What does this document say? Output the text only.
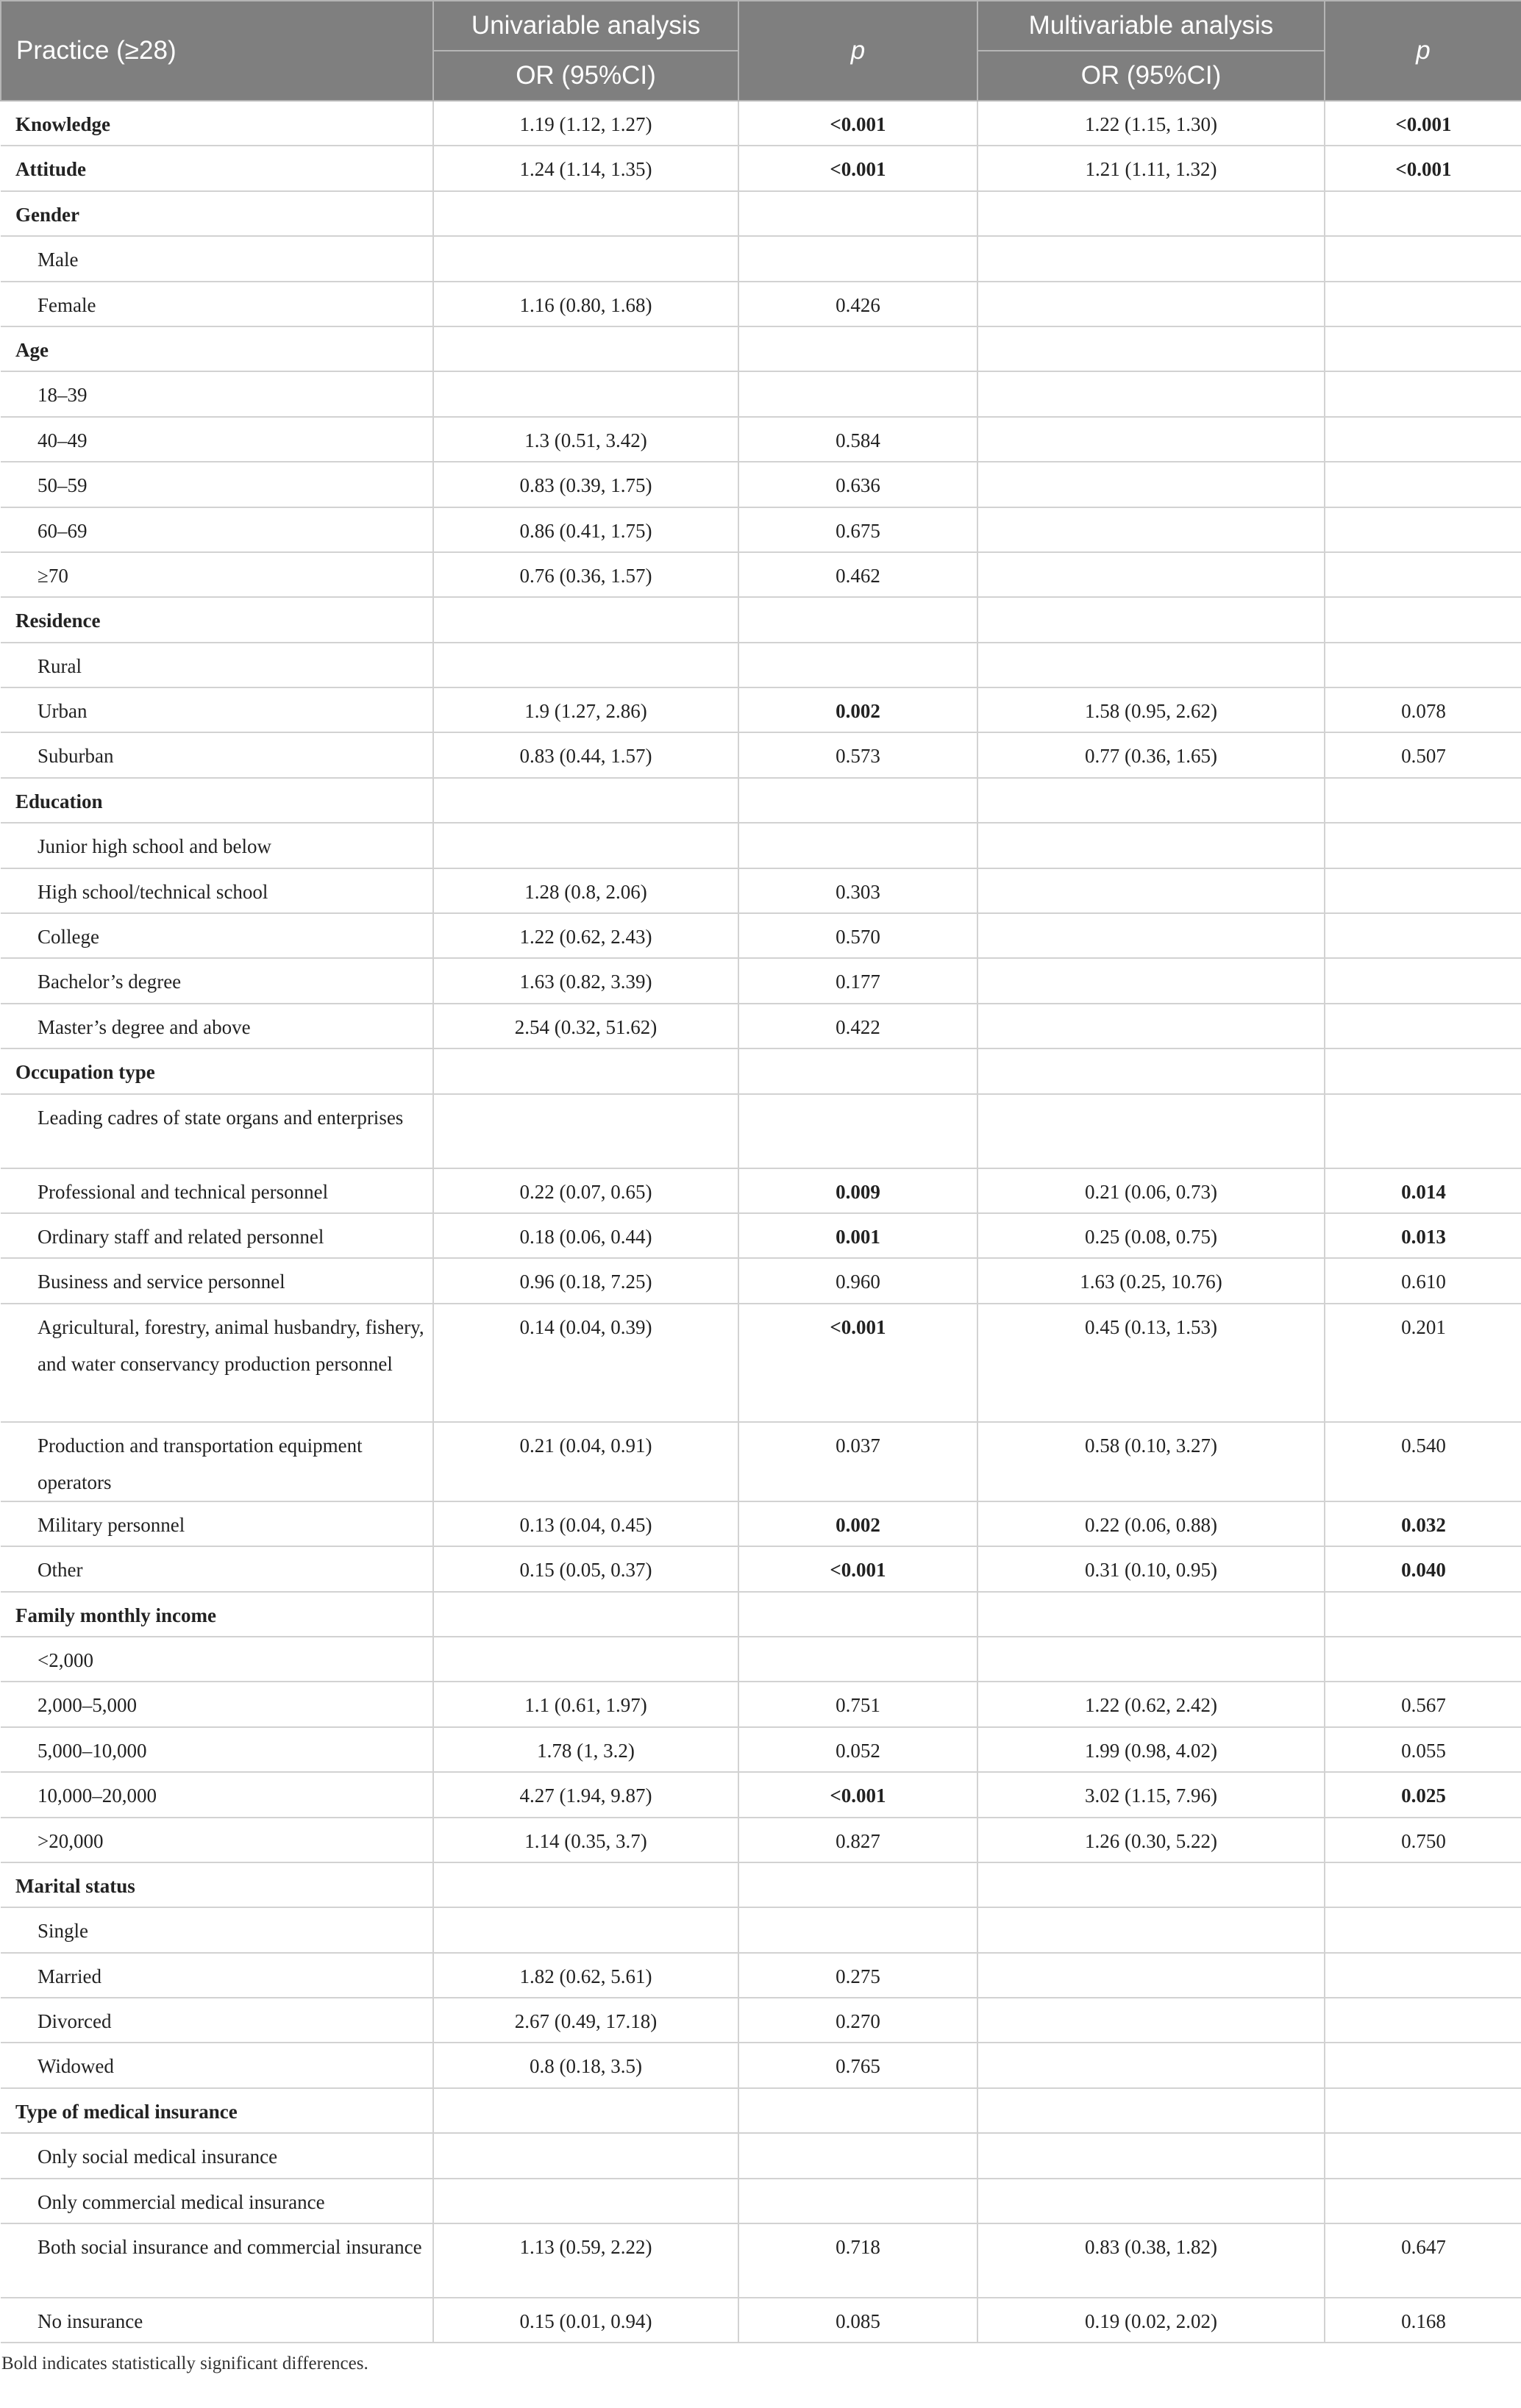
Practice (≥28)	Univariable analysis	p	Multivariable analysis	p
	OR (95%CI)		OR (95%CI)	
Knowledge	1.19 (1.12, 1.27)	<0.001	1.22 (1.15, 1.30)	<0.001
Attitude	1.24 (1.14, 1.35)	<0.001	1.21 (1.11, 1.32)	<0.001
Gender				
Male				
Female	1.16 (0.80, 1.68)	0.426		
Age				
18–39				
40–49	1.3 (0.51, 3.42)	0.584		
50–59	0.83 (0.39, 1.75)	0.636		
60–69	0.86 (0.41, 1.75)	0.675		
≥70	0.76 (0.36, 1.57)	0.462		
Residence				
Rural				
Urban	1.9 (1.27, 2.86)	0.002	1.58 (0.95, 2.62)	0.078
Suburban	0.83 (0.44, 1.57)	0.573	0.77 (0.36, 1.65)	0.507
Education				
Junior high school and below				
High school/technical school	1.28 (0.8, 2.06)	0.303		
College	1.22 (0.62, 2.43)	0.570		
Bachelor’s degree	1.63 (0.82, 3.39)	0.177		
Master’s degree and above	2.54 (0.32, 51.62)	0.422		
Occupation type				
Leading cadres of state organs and enterprises				
Professional and technical personnel	0.22 (0.07, 0.65)	0.009	0.21 (0.06, 0.73)	0.014
Ordinary staff and related personnel	0.18 (0.06, 0.44)	0.001	0.25 (0.08, 0.75)	0.013
Business and service personnel	0.96 (0.18, 7.25)	0.960	1.63 (0.25, 10.76)	0.610
Agricultural, forestry, animal husbandry, fishery, and water conservancy production personnel	0.14 (0.04, 0.39)	<0.001	0.45 (0.13, 1.53)	0.201
Production and transportation equipment operators	0.21 (0.04, 0.91)	0.037	0.58 (0.10, 3.27)	0.540
Military personnel	0.13 (0.04, 0.45)	0.002	0.22 (0.06, 0.88)	0.032
Other	0.15 (0.05, 0.37)	<0.001	0.31 (0.10, 0.95)	0.040
Family monthly income				
<2,000				
2,000–5,000	1.1 (0.61, 1.97)	0.751	1.22 (0.62, 2.42)	0.567
5,000–10,000	1.78 (1, 3.2)	0.052	1.99 (0.98, 4.02)	0.055
10,000–20,000	4.27 (1.94, 9.87)	<0.001	3.02 (1.15, 7.96)	0.025
>20,000	1.14 (0.35, 3.7)	0.827	1.26 (0.30, 5.22)	0.750
Marital status				
Single				
Married	1.82 (0.62, 5.61)	0.275		
Divorced	2.67 (0.49, 17.18)	0.270		
Widowed	0.8 (0.18, 3.5)	0.765		
Type of medical insurance				
Only social medical insurance				
Only commercial medical insurance				
Both social insurance and commercial insurance	1.13 (0.59, 2.22)	0.718	0.83 (0.38, 1.82)	0.647
No insurance	0.15 (0.01, 0.94)	0.085	0.19 (0.02, 2.02)	0.168
Bold indicates statistically significant differences.
